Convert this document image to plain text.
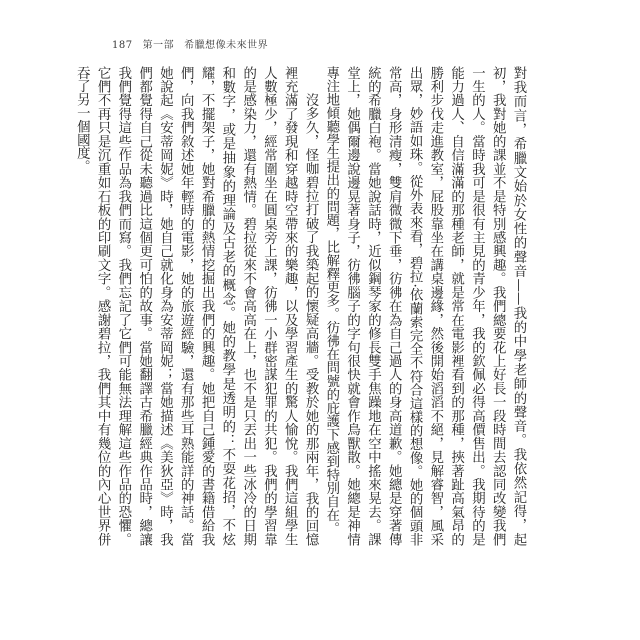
187 第一部 希臘想像未來世界

對我而言，希臘文始於女性的聲音——我的中學老師的聲音。我依然記得，起初，我對她的課並不是特別感興趣。我們總要花上好長一段時間去認同改變我們一生的人。當時我可是很有主見的青少年，我的欽佩必得高價售出。我期待的是能力過人、自信滿滿的那種老師，就是常在電影裡看到的那種，挾著趾高氣昂的勝利步伐走進教室，屁股靠坐在講桌邊緣，然後開始滔滔不絕，見解睿智，風采出眾，妙語如珠。從外表來看，碧拉·依蘭索完全不符合這樣的想像。她的個頭非常高，身形清瘦，雙肩微微下垂，彷彿在為自己過人的身高道歉。她總是穿著傳統的希臘白袍。當她說話時，近似鋼琴家的修長雙手焦躁地在空中搖來晃去。課堂上，她偶爾邊說邊晃著身子，彷彿腦子的字句很快就會作鳥獸散。她總是神情專注地傾聽學生提出的問題，比解釋更多。彷彿在問號的庇護下感到特別自在。

沒多久，怪咖碧拉打破了我築起的懷疑高牆。受教於她的那兩年，我的回憶裡充滿了發現和穿越時空帶來的樂趣，以及學習產生的驚人愉悅。我們這組學生人數極少，經常圍坐在圓桌旁上課，彷彿一小群密謀犯罪的共犯。我們的學習靠的是感染力，還有熱情。碧拉從來不會高高在上，也不是只丟出一些冰冷的日期和數字，或是抽象的理論及古老的概念。她的教學是透明的：不耍花招，不炫耀，不擺架子，她對希臘的熱情挖掘出我們的興趣。她把自己鍾愛的書籍借給我們，向我們敘述她年輕時的電影，她的旅遊經驗，還有那些耳熟能詳的神話。當她說起《安蒂岡妮》時，她自己就化身為安蒂岡妮；當她描述《美狄亞》時，我們都覺得自己從未聽過比這個更可怕的故事。當她翻譯古希臘經典作品時，總讓我們覺得這些作品為我們而寫。我們忘記了它們可能無法理解這些作品的恐懼。它們不再只是沉重如石板的印刷文字。感謝碧拉，我們其中有幾位的內心世界併吞了另一個國度。
